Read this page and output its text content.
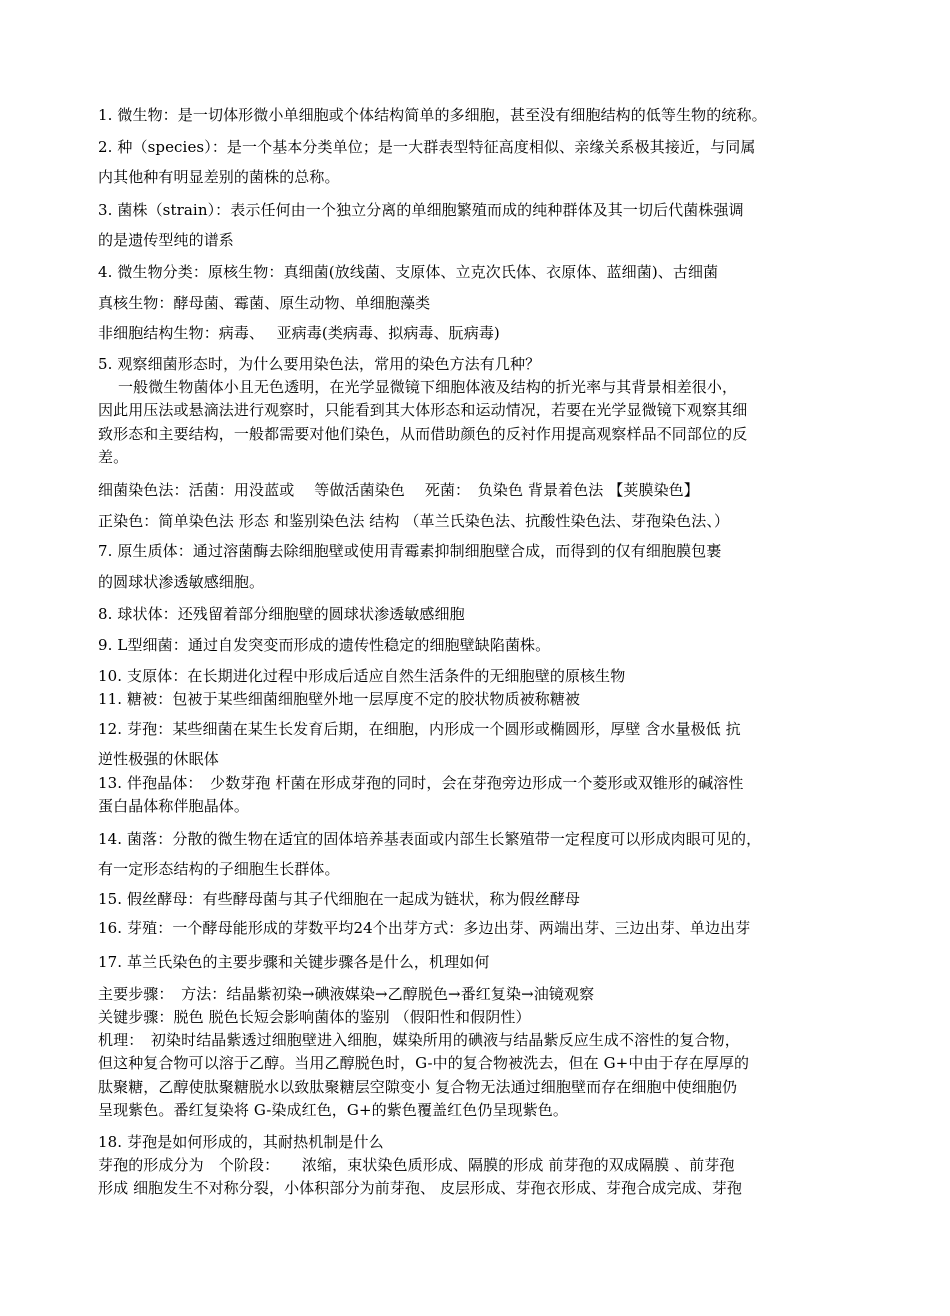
1. 微生物：是一切体形微小单细胞或个体结构简单的多细胞，甚至没有细胞结构的低等生物的统称。
2. 种（species）：是一个基本分类单位；是一大群表型特征高度相似、亲缘关系极其接近，与同属
内其他种有明显差别的菌株的总称。
3. 菌株（strain）：表示任何由一个独立分离的单细胞繁殖而成的纯种群体及其一切后代菌株强调
的是遗传型纯的谱系
4. 微生物分类：原核生物：真细菌(放线菌、支原体、立克次氏体、衣原体、蓝细菌)、古细菌
真核生物：酵母菌、霉菌、原生动物、单细胞藻类
非细胞结构生物：病毒、　 亚病毒(类病毒、拟病毒、朊病毒)
5. 观察细菌形态时，为什么要用染色法，常用的染色方法有几种？
一般微生物菌体小且无色透明，在光学显微镜下细胞体液及结构的折光率与其背景相差很小，
因此用压法或悬滴法进行观察时，只能看到其大体形态和运动情况，若要在光学显微镜下观察其细
致形态和主要结构，一般都需要对他们染色，从而借助颜色的反衬作用提高观察样品不同部位的反
差。
细菌染色法：活菌：用没蓝或　 等做活菌染色　 死菌：　负染色 背景着色法 【荚膜染色】
正染色：简单染色法 形态 和鉴别染色法 结构 （革兰氏染色法、抗酸性染色法、芽孢染色法、）
7. 原生质体：通过溶菌酶去除细胞壁或使用青霉素抑制细胞壁合成，而得到的仅有细胞膜包裹
的圆球状渗透敏感细胞。
8. 球状体：还残留着部分细胞壁的圆球状渗透敏感细胞
9. L型细菌：通过自发突变而形成的遗传性稳定的细胞壁缺陷菌株。
10. 支原体：在长期进化过程中形成后适应自然生活条件的无细胞壁的原核生物
11. 糖被：包被于某些细菌细胞壁外地一层厚度不定的胶状物质被称糖被
12. 芽孢：某些细菌在某生长发育后期，在细胞，内形成一个圆形或椭圆形，厚壁 含水量极低 抗
逆性极强的休眠体
13. 伴孢晶体：　少数芽孢 杆菌在形成芽孢的同时，会在芽孢旁边形成一个菱形或双锥形的碱溶性
蛋白晶体称伴胞晶体。
14. 菌落：分散的微生物在适宜的固体培养基表面或内部生长繁殖带一定程度可以形成肉眼可见的，
有一定形态结构的子细胞生长群体。
15. 假丝酵母：有些酵母菌与其子代细胞在一起成为链状，称为假丝酵母
16. 芽殖：一个酵母能形成的芽数平均24个出芽方式：多边出芽、两端出芽、三边出芽、单边出芽
17. 革兰氏染色的主要步骤和关键步骤各是什么，机理如何
主要步骤：　方法：结晶紫初染→碘液媒染→乙醇脱色→番红复染→油镜观察
关键步骤：脱色 脱色长短会影响菌体的鉴别 （假阳性和假阴性）
机理：　初染时结晶紫透过细胞壁进入细胞，媒染所用的碘液与结晶紫反应生成不溶性的复合物，
但这种复合物可以溶于乙醇。当用乙醇脱色时，G-中的复合物被洗去，但在 G+中由于存在厚厚的
肽聚糖，乙醇使肽聚糖脱水以致肽聚糖层空隙变小 复合物无法通过细胞壁而存在细胞中使细胞仍
呈现紫色。番红复染将 G-染成红色，G+的紫色覆盖红色仍呈现紫色。
18. 芽孢是如何形成的，其耐热机制是什么
芽孢的形成分为　个阶段：　　浓缩，束状染色质形成、隔膜的形成 前芽孢的双成隔膜 、前芽孢
形成 细胞发生不对称分裂，小体积部分为前芽孢、 皮层形成、芽孢衣形成、芽孢合成完成、芽孢
